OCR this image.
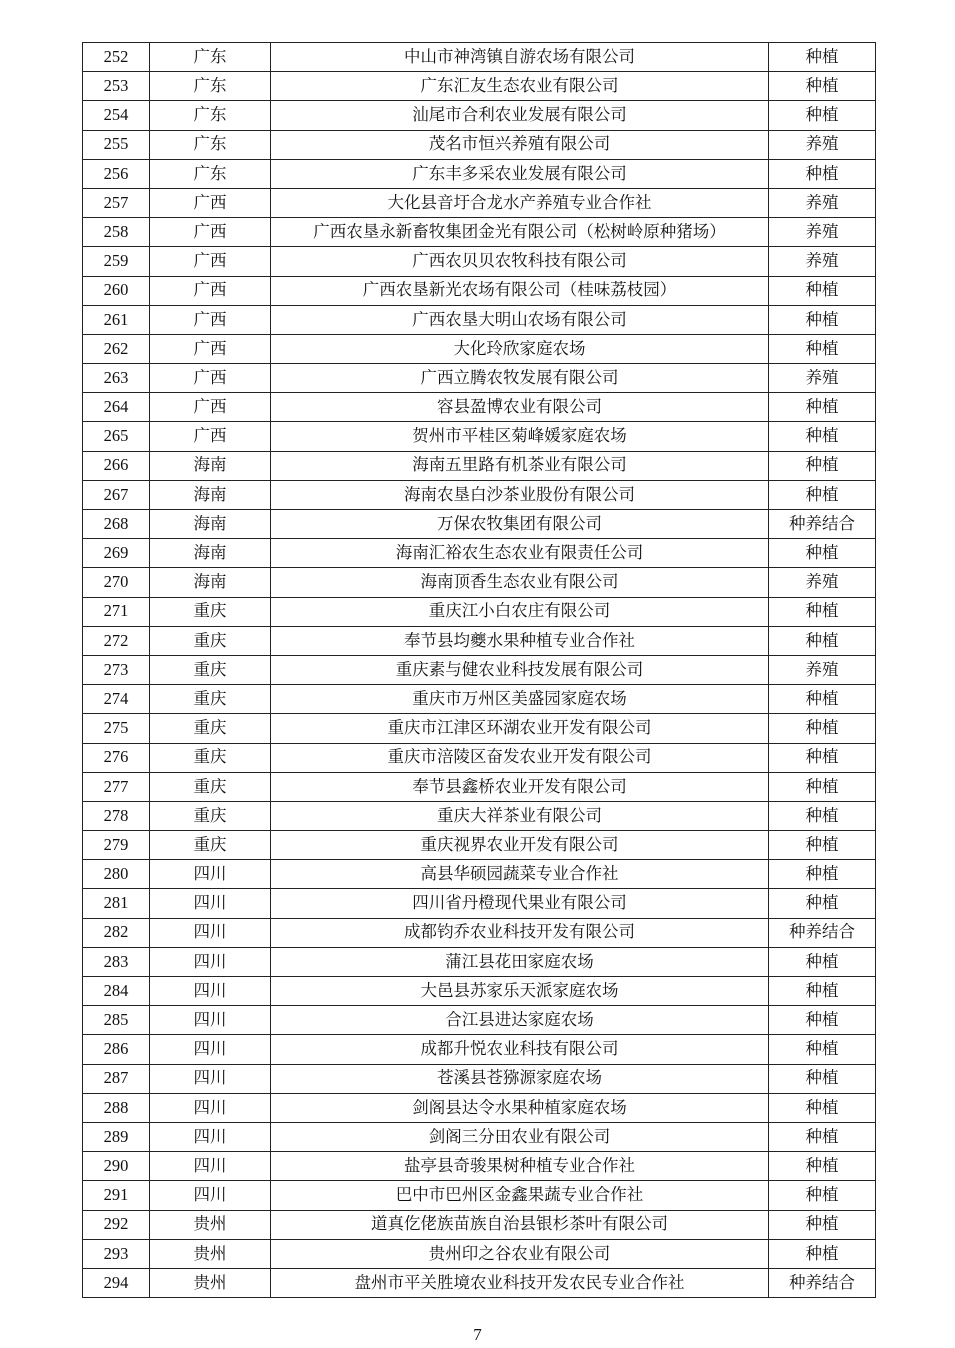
252	广东	中山市神湾镇自游农场有限公司	种植
253	广东	广东汇友生态农业有限公司	种植
254	广东	汕尾市合利农业发展有限公司	种植
255	广东	茂名市恒兴养殖有限公司	养殖
256	广东	广东丰多采农业发展有限公司	种植
257	广西	大化县音圩合龙水产养殖专业合作社	养殖
258	广西	广西农垦永新畜牧集团金光有限公司（松树岭原种猪场）	养殖
259	广西	广西农贝贝农牧科技有限公司	养殖
260	广西	广西农垦新光农场有限公司（桂味荔枝园）	种植
261	广西	广西农垦大明山农场有限公司	种植
262	广西	大化玲欣家庭农场	种植
263	广西	广西立腾农牧发展有限公司	养殖
264	广西	容县盈博农业有限公司	种植
265	广西	贺州市平桂区菊峰媛家庭农场	种植
266	海南	海南五里路有机茶业有限公司	种植
267	海南	海南农垦白沙茶业股份有限公司	种植
268	海南	万保农牧集团有限公司	种养结合
269	海南	海南汇裕农生态农业有限责任公司	种植
270	海南	海南顶香生态农业有限公司	养殖
271	重庆	重庆江小白农庄有限公司	种植
272	重庆	奉节县均夔水果种植专业合作社	种植
273	重庆	重庆素与健农业科技发展有限公司	养殖
274	重庆	重庆市万州区美盛园家庭农场	种植
275	重庆	重庆市江津区环湖农业开发有限公司	种植
276	重庆	重庆市涪陵区奋发农业开发有限公司	种植
277	重庆	奉节县鑫桥农业开发有限公司	种植
278	重庆	重庆大祥茶业有限公司	种植
279	重庆	重庆视界农业开发有限公司	种植
280	四川	高县华硕园蔬菜专业合作社	种植
281	四川	四川省丹橙现代果业有限公司	种植
282	四川	成都钧乔农业科技开发有限公司	种养结合
283	四川	蒲江县花田家庭农场	种植
284	四川	大邑县苏家乐天派家庭农场	种植
285	四川	合江县进达家庭农场	种植
286	四川	成都升悦农业科技有限公司	种植
287	四川	苍溪县苍猕源家庭农场	种植
288	四川	剑阁县达令水果种植家庭农场	种植
289	四川	剑阁三分田农业有限公司	种植
290	四川	盐亭县奇骏果树种植专业合作社	种植
291	四川	巴中市巴州区金鑫果蔬专业合作社	种植
292	贵州	道真仡佬族苗族自治县银杉茶叶有限公司	种植
293	贵州	贵州印之谷农业有限公司	种植
294	贵州	盘州市平关胜境农业科技开发农民专业合作社	种养结合
7
